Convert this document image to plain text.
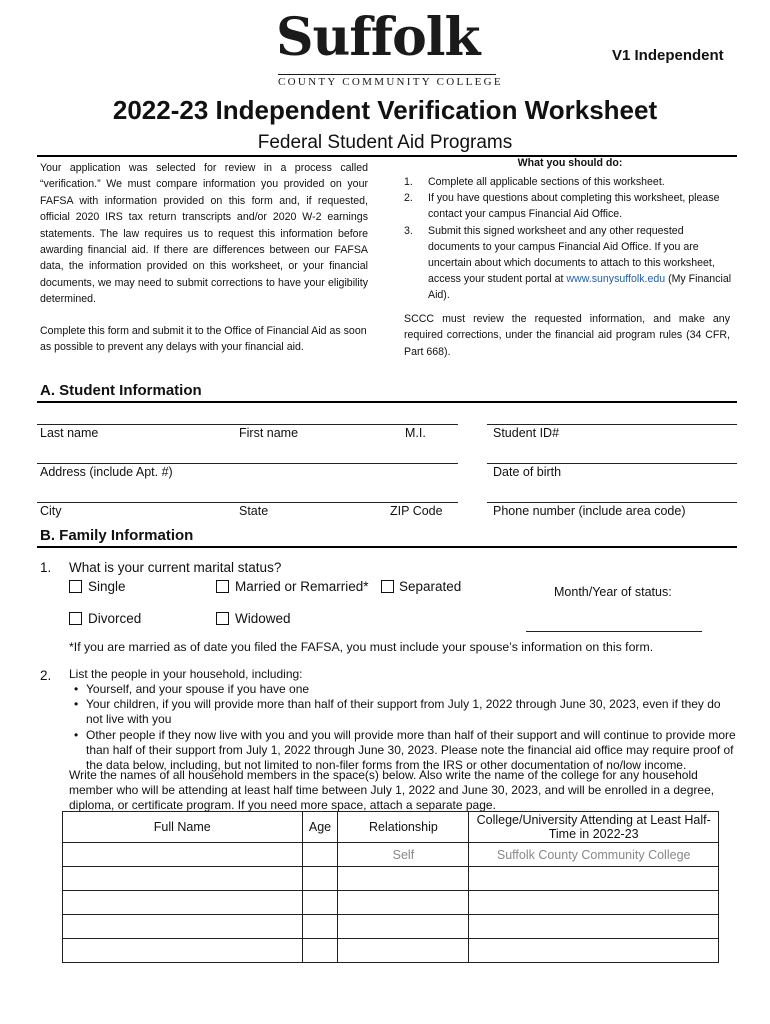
Suffolk
COUNTY COMMUNITY COLLEGE
V1 Independent
2022-23 Independent Verification Worksheet
Federal Student Aid Programs
Your application was selected for review in a process called “verification.” We must compare information you provided on your FAFSA with information provided on this form and, if requested, official 2020 IRS tax return transcripts and/or 2020 W-2 earnings statements. The law requires us to request this information before awarding financial aid. If there are differences between our FAFSA data, the information provided on this worksheet, or your financial documents, we may need to submit corrections to have your eligibility determined.
Complete this form and submit it to the Office of Financial Aid as soon as possible to prevent any delays with your financial aid.
What you should do:
1. Complete all applicable sections of this worksheet.
2. If you have questions about completing this worksheet, please contact your campus Financial Aid Office.
3. Submit this signed worksheet and any other requested documents to your campus Financial Aid Office. If you are uncertain about which documents to attach to this worksheet, access your student portal at www.sunysuffolk.edu (My Financial Aid).
SCCC must review the requested information, and make any required corrections, under the financial aid program rules (34 CFR, Part 668).
A. Student Information
Last name	First name	M.I.	Student ID#
Address (include Apt. #)	Date of birth
City	State	ZIP Code	Phone number (include area code)
B. Family Information
1. What is your current marital status?
Single	Married or Remarried* Separated	Month/Year of status:
Divorced	Widowed
*If you are married as of date you filed the FAFSA, you must include your spouse’s information on this form.
2. List the people in your household, including:
• Yourself, and your spouse if you have one
• Your children, if you will provide more than half of their support from July 1, 2022 through June 30, 2023, even if they do not live with you
• Other people if they now live with you and you will provide more than half of their support and will continue to provide more than half of their support from July 1, 2022 through June 30, 2023. Please note the financial aid office may require proof of the data below, including, but not limited to non-filer forms from the IRS or other documentation of no/low income.
Write the names of all household members in the space(s) below. Also write the name of the college for any household member who will be attending at least half time between July 1, 2022 and June 30, 2023, and will be enrolled in a degree, diploma, or certificate program. If you need more space, attach a separate page.
Full Name	Age	Relationship	College/University Attending at Least Half-Time in 2022-23
		Self	Suffolk County Community College
